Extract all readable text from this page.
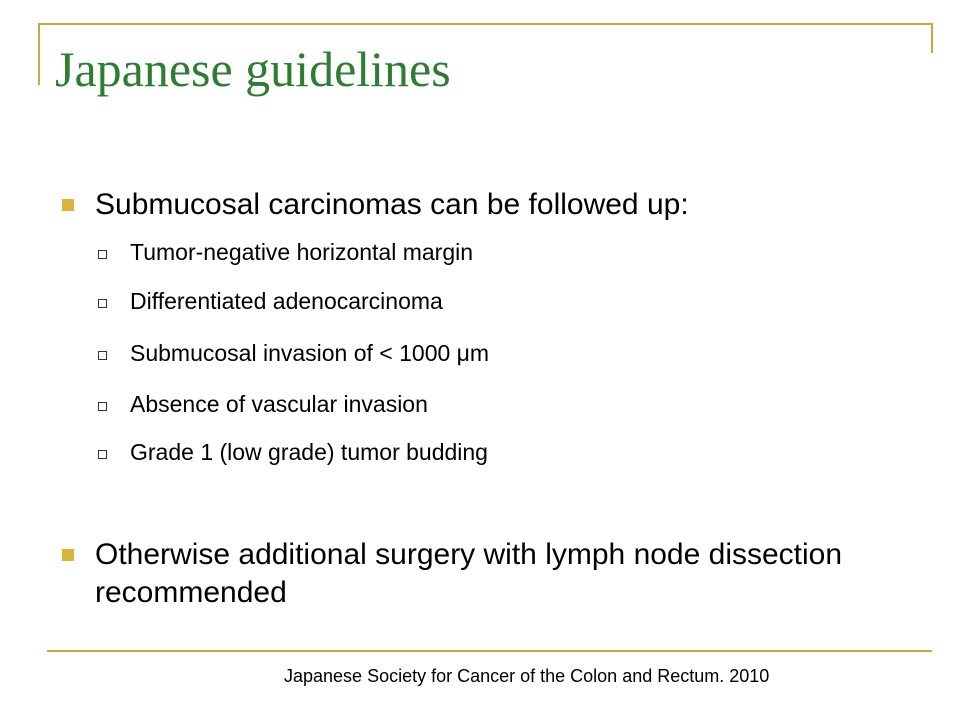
Japanese guidelines
Submucosal carcinomas can be followed up:
Tumor-negative horizontal margin
Differentiated adenocarcinoma
Submucosal invasion of < 1000 μm
Absence of vascular invasion
Grade 1 (low grade) tumor budding
Otherwise additional surgery with lymph node dissection recommended

Japanese Society for Cancer of the Colon and Rectum. 2010
